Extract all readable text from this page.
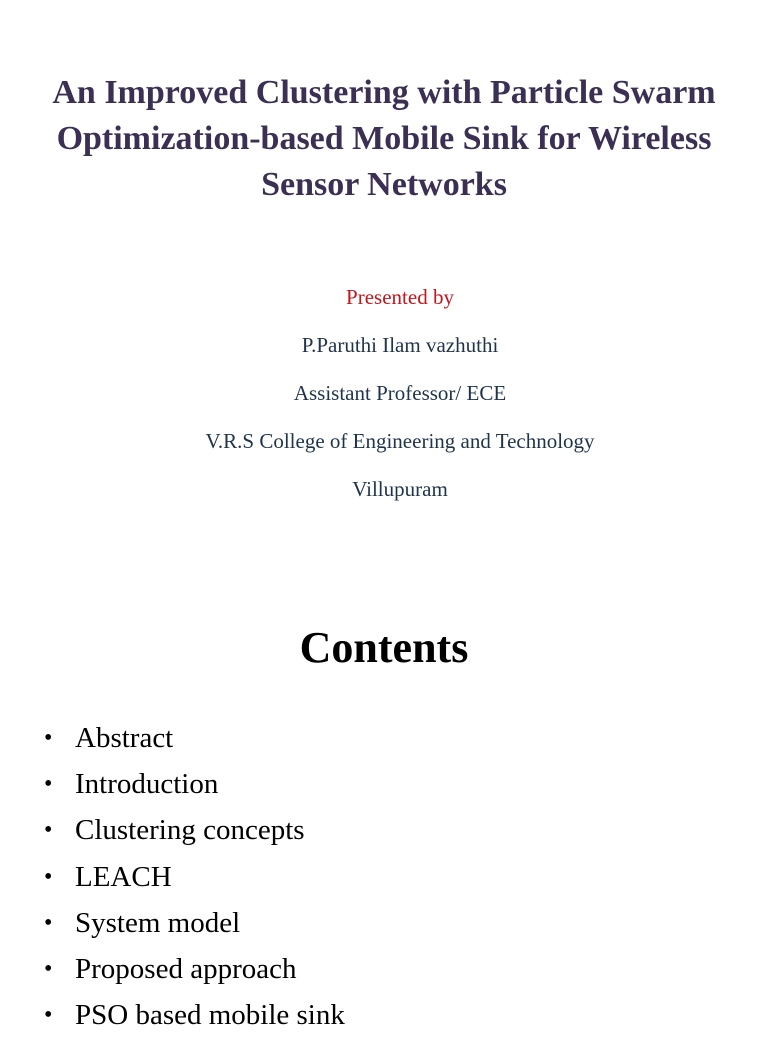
An Improved Clustering with Particle Swarm
Optimization-based Mobile Sink for Wireless
Sensor Networks
Presented by
P.Paruthi Ilam vazhuthi
Assistant Professor/ ECE
V.R.S College of Engineering and Technology
Villupuram
Contents
• Abstract
• Introduction
• Clustering concepts
• LEACH
• System model
• Proposed approach
• PSO based mobile sink
